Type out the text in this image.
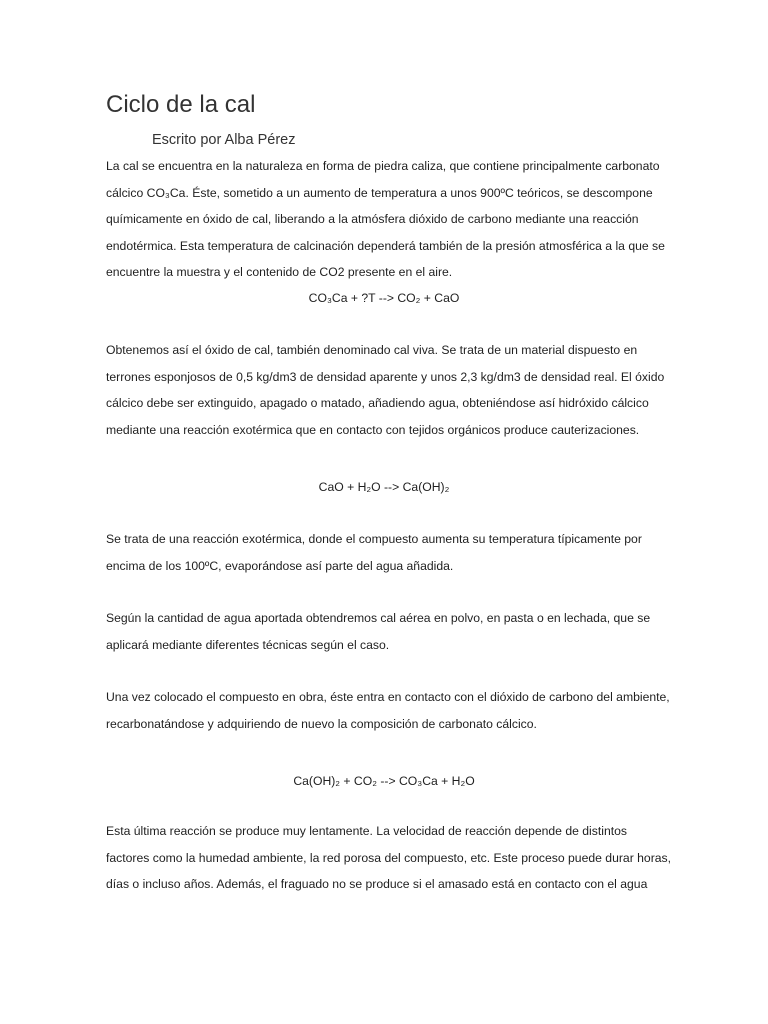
Ciclo de la cal
Escrito por Alba Pérez

La cal se encuentra en la naturaleza en forma de piedra caliza, que contiene principalmente carbonato
cálcico CO₃Ca. Éste, sometido a un aumento de temperatura a unos 900ºC teóricos, se descompone
químicamente en óxido de cal, liberando a la atmósfera dióxido de carbono mediante una reacción
endotérmica. Esta temperatura de calcinación dependerá también de la presión atmosférica a la que se
encuentre la muestra y el contenido de CO2 presente en el aire.

CO₃Ca + ?T --> CO₂ + CaO

Obtenemos así el óxido de cal, también denominado cal viva. Se trata de un material dispuesto en
terrones esponjosos de 0,5 kg/dm3 de densidad aparente y unos 2,3 kg/dm3 de densidad real. El óxido
cálcico debe ser extinguido, apagado o matado, añadiendo agua, obteniéndose así hidróxido cálcico
mediante una reacción exotérmica que en contacto con tejidos orgánicos produce cauterizaciones.

CaO + H₂O --> Ca(OH)₂

Se trata de una reacción exotérmica, donde el compuesto aumenta su temperatura típicamente por
encima de los 100ºC, evaporándose así parte del agua añadida.

Según la cantidad de agua aportada obtendremos cal aérea en polvo, en pasta o en lechada, que se
aplicará mediante diferentes técnicas según el caso.

Una vez colocado el compuesto en obra, éste entra en contacto con el dióxido de carbono del ambiente,
recarbonatándose y adquiriendo de nuevo la composición de carbonato cálcico.

Ca(OH)₂ + CO₂ --> CO₃Ca + H₂O

Esta última reacción se produce muy lentamente. La velocidad de reacción depende de distintos
factores como la humedad ambiente, la red porosa del compuesto, etc. Este proceso puede durar horas,
días o incluso años. Además, el fraguado no se produce si el amasado está en contacto con el agua
